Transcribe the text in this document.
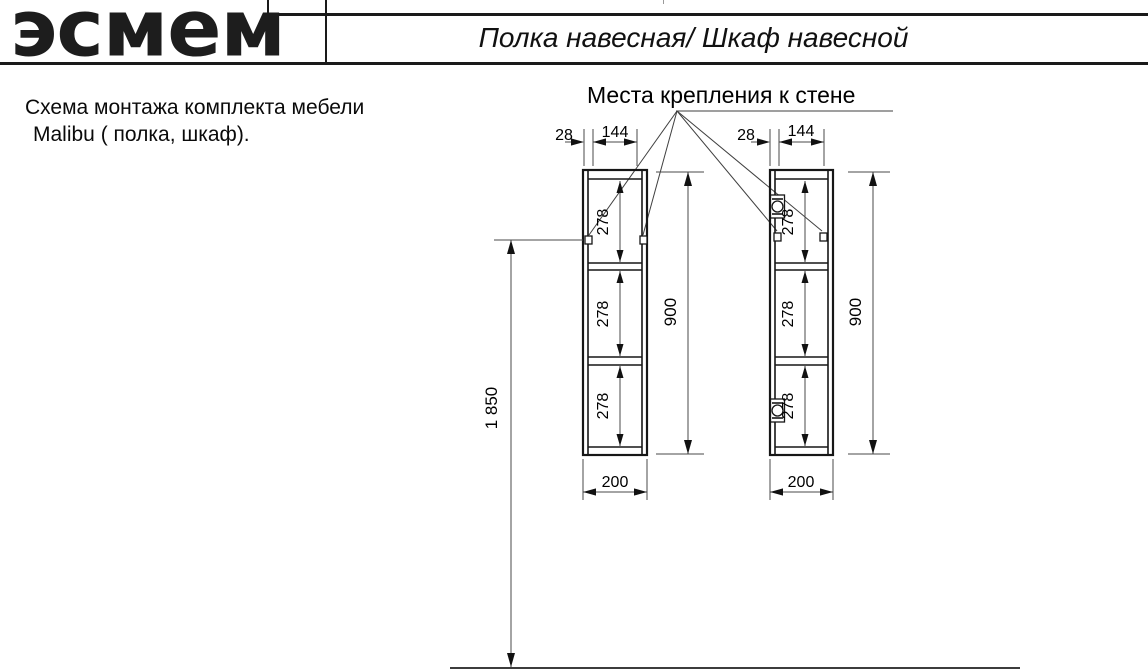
эсмем	Полка навесная/ Шкаф навесной
Схема монтажа комплекта мебели
Malibu ( полка, шкаф).
Места крепления к стене
28 144	28 144
278
278
278
278
278
278
900	900
200	200
1 850
